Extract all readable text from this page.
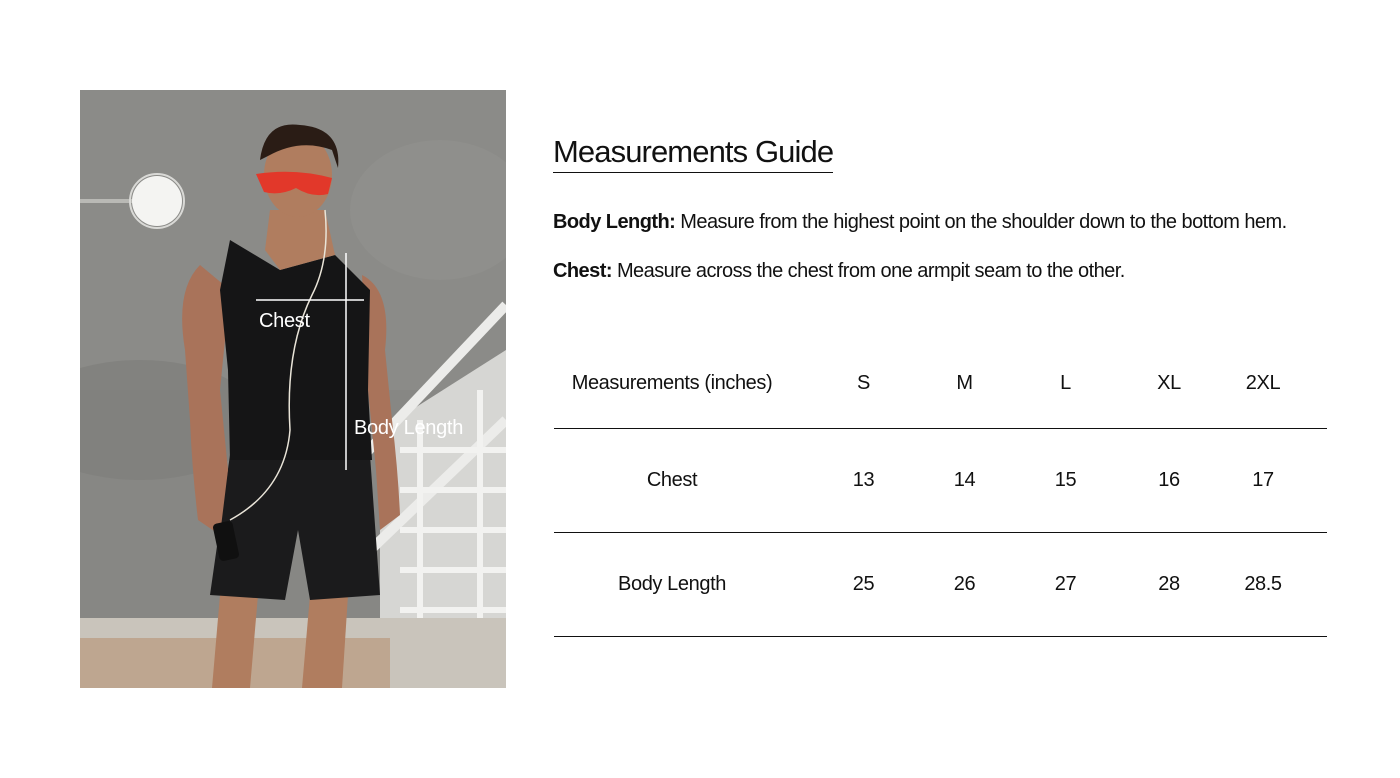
Chest
Body Length
Measurements Guide

Body Length: Measure from the highest point on the shoulder down to the bottom hem.

Chest: Measure across the chest from one armpit seam to the other.

Measurements (inches)	S	M	L	XL	2XL
Chest	13	14	15	16	17
Body Length	25	26	27	28	28.5
